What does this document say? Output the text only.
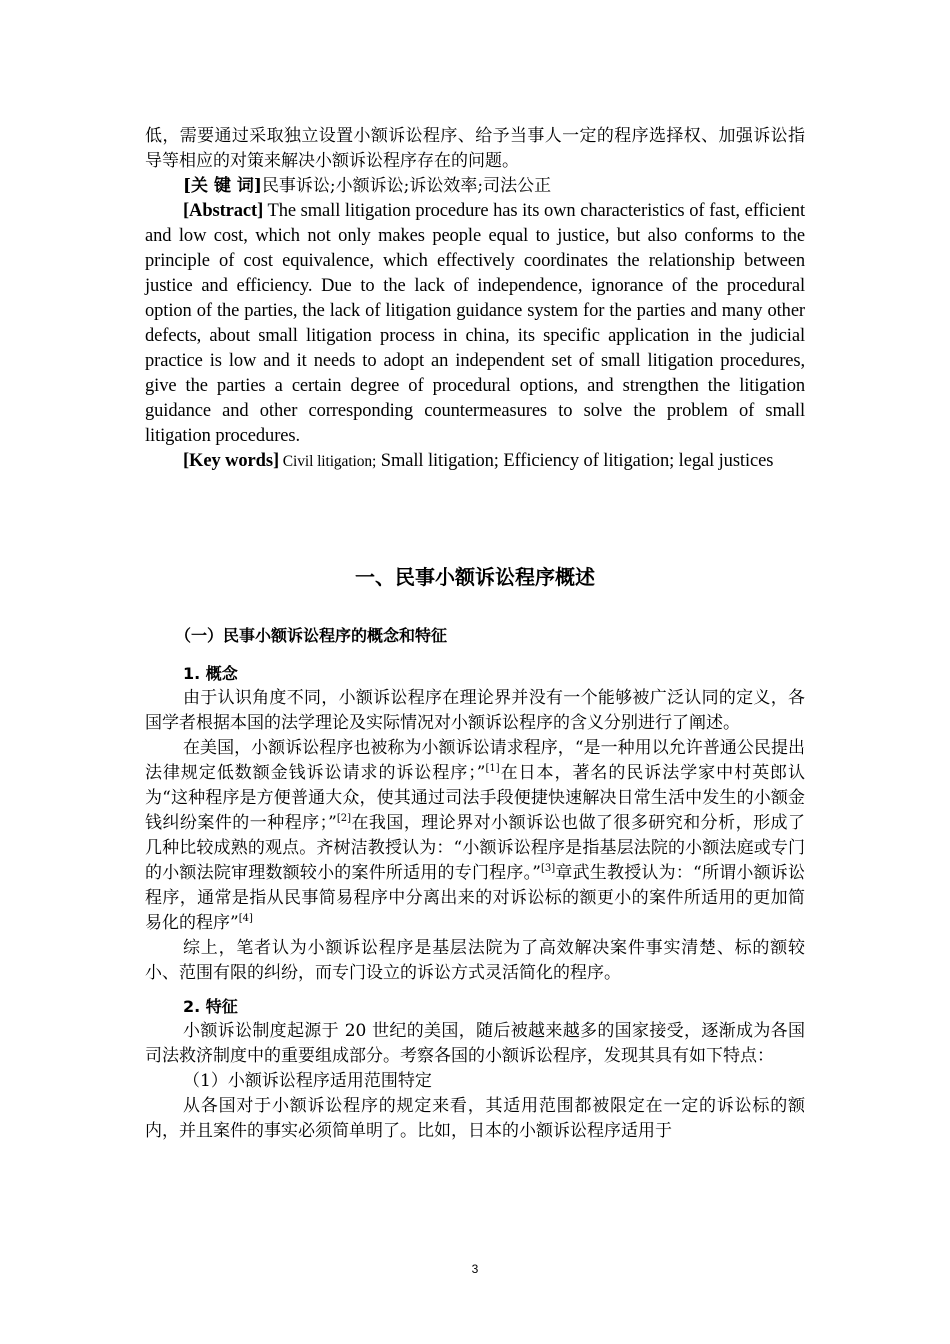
低，需要通过采取独立设置小额诉讼程序、给予当事人一定的程序选择权、加强诉讼指导等相应的对策来解决小额诉讼程序存在的问题。

[关 键 词]民事诉讼;小额诉讼;诉讼效率;司法公正

[Abstract] The small litigation procedure has its own characteristics of fast, efficient and low cost, which not only makes people equal to justice, but also conforms to the principle of cost equivalence, which effectively coordinates the relationship between justice and efficiency. Due to the lack of independence, ignorance of the procedural option of the parties, the lack of litigation guidance system for the parties and many other defects, about small litigation process in china, its specific application in the judicial practice is low and it needs to adopt an independent set of small litigation procedures, give the parties a certain degree of procedural options, and strengthen the litigation guidance and other corresponding countermeasures to solve the problem of small litigation procedures.

[Key words] Civil litigation; Small litigation; Efficiency of litigation; legal justices

一、民事小额诉讼程序概述
（一）民事小额诉讼程序的概念和特征
1. 概念

由于认识角度不同，小额诉讼程序在理论界并没有一个能够被广泛认同的定义，各国学者根据本国的法学理论及实际情况对小额诉讼程序的含义分别进行了阐述。

在美国，小额诉讼程序也被称为小额诉讼请求程序，“是一种用以允许普通公民提出法律规定低数额金钱诉讼请求的诉讼程序；”[1]在日本，著名的民诉法学家中村英郎认为“这种程序是方便普通大众，使其通过司法手段便捷快速解决日常生活中发生的小额金钱纠纷案件的一种程序；”[2]在我国，理论界对小额诉讼也做了很多研究和分析，形成了几种比较成熟的观点。齐树洁教授认为：“小额诉讼程序是指基层法院的小额法庭或专门的小额法院审理数额较小的案件所适用的专门程序。”[3]章武生教授认为：“所谓小额诉讼程序，通常是指从民事简易程序中分离出来的对诉讼标的额更小的案件所适用的更加简易化的程序”[4]

综上，笔者认为小额诉讼程序是基层法院为了高效解决案件事实清楚、标的额较小、范围有限的纠纷，而专门设立的诉讼方式灵活简化的程序。

2. 特征

小额诉讼制度起源于 20 世纪的美国，随后被越来越多的国家接受，逐渐成为各国司法救济制度中的重要组成部分。考察各国的小额诉讼程序，发现其具有如下特点：

（1）小额诉讼程序适用范围特定

从各国对于小额诉讼程序的规定来看，其适用范围都被限定在一定的诉讼标的额内，并且案件的事实必须简单明了。比如，日本的小额诉讼程序适用于

3
